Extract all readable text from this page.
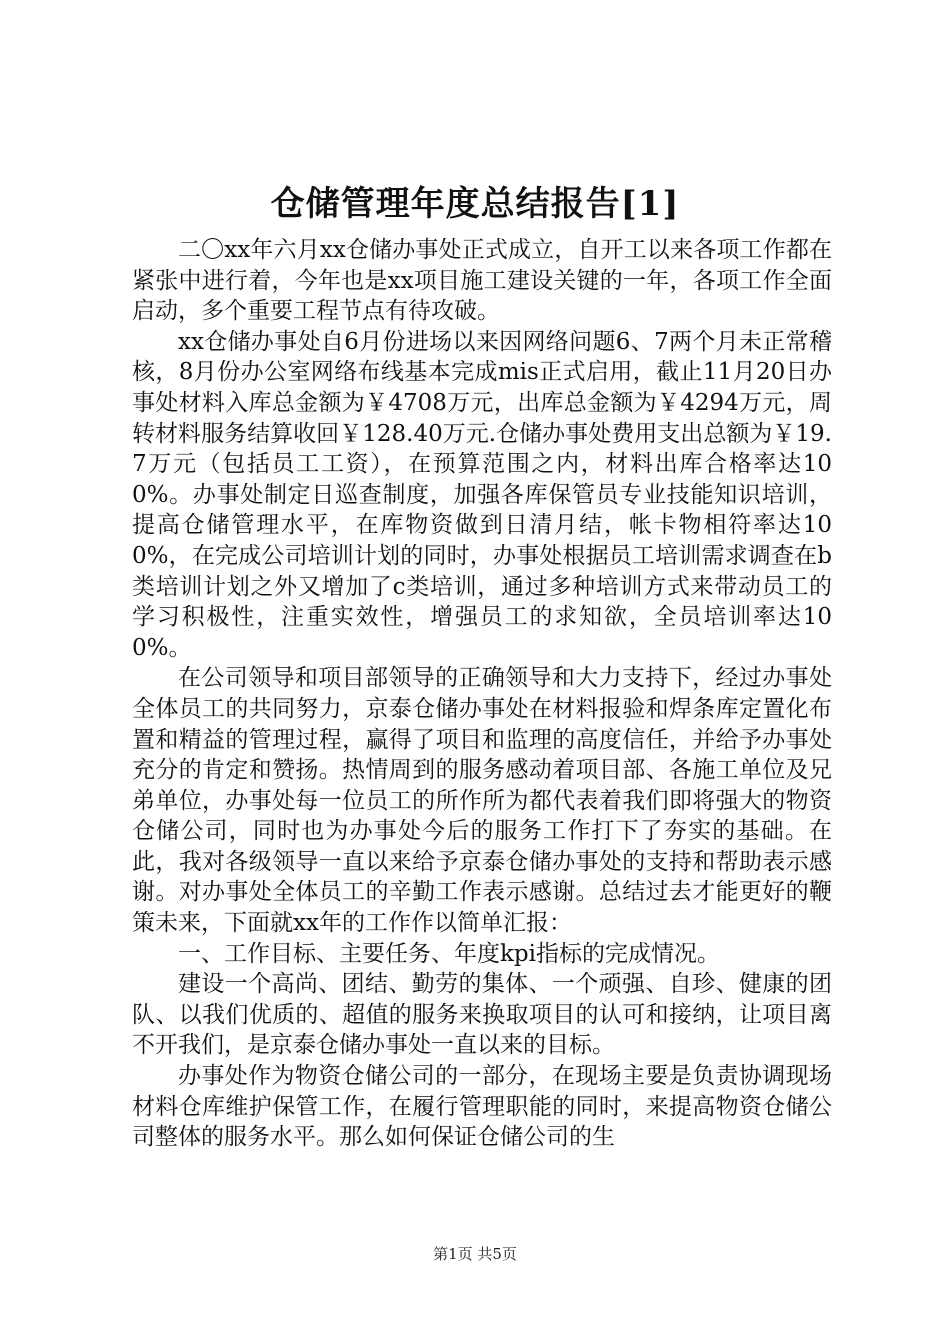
仓储管理年度总结报告[1]

二〇xx年六月xx仓储办事处正式成立，自开工以来各项工作都在紧张中进行着，今年也是xx项目施工建设关键的一年，各项工作全面启动，多个重要工程节点有待攻破。

xx仓储办事处自6月份进场以来因网络问题6、7两个月未正常稽核，8月份办公室网络布线基本完成mis正式启用，截止11月20日办事处材料入库总金额为￥4708万元，出库总金额为￥4294万元，周转材料服务结算收回￥128.40万元.仓储办事处费用支出总额为￥19.7万元（包括员工工资），在预算范围之内，材料出库合格率达100%。办事处制定日巡查制度，加强各库保管员专业技能知识培训，提高仓储管理水平，在库物资做到日清月结，帐卡物相符率达100%，在完成公司培训计划的同时，办事处根据员工培训需求调查在b类培训计划之外又增加了c类培训，通过多种培训方式来带动员工的学习积极性，注重实效性，增强员工的求知欲，全员培训率达100%。

在公司领导和项目部领导的正确领导和大力支持下，经过办事处全体员工的共同努力，京泰仓储办事处在材料报验和焊条库定置化布置和精益的管理过程，赢得了项目和监理的高度信任，并给予办事处充分的肯定和赞扬。热情周到的服务感动着项目部、各施工单位及兄弟单位，办事处每一位员工的所作所为都代表着我们即将强大的物资仓储公司，同时也为办事处今后的服务工作打下了夯实的基础。在此，我对各级领导一直以来给予京泰仓储办事处的支持和帮助表示感谢。对办事处全体员工的辛勤工作表示感谢。总结过去才能更好的鞭策未来，下面就xx年的工作作以简单汇报：

一、工作目标、主要任务、年度kpi指标的完成情况。

建设一个高尚、团结、勤劳的集体、一个顽强、自珍、健康的团队、以我们优质的、超值的服务来换取项目的认可和接纳，让项目离不开我们，是京泰仓储办事处一直以来的目标。

办事处作为物资仓储公司的一部分，在现场主要是负责协调现场材料仓库维护保管工作，在履行管理职能的同时，来提高物资仓储公司整体的服务水平。那么如何保证仓储公司的生

第1页 共5页
